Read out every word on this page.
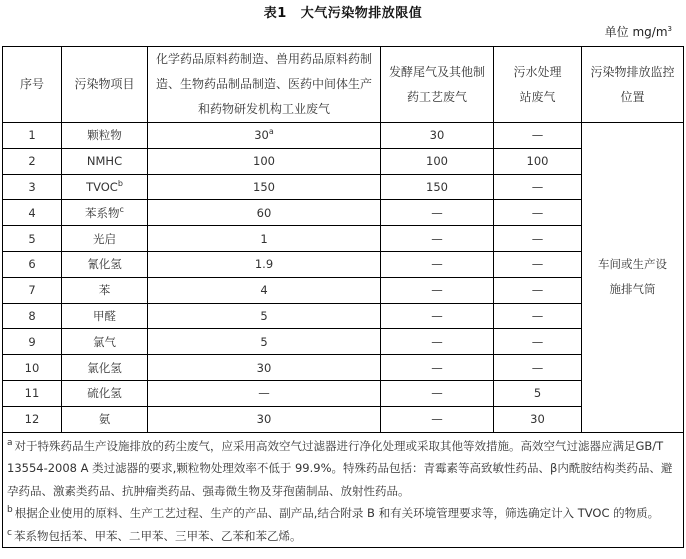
表1 大气污染物排放限值
单位 $mg/m^3$
序号	污染物项目	化学药品原料药制造、兽用药品原料药制造、生物药品制品制造、医药中间体生产和药物研发机构工业废气	发酵尾气及其他制药工艺废气	污水处理站废气	污染物排放监控位置
1	颗粒物	30$^a$	30	—	车间或生产设施排气筒
2	NMHC	100	100	100	
3	TVOC$^b$	150	150	—	
4	苯系物$^c$	60	—	—	
5	光启	1	—	—	
6	氰化氢	1.9	—	—	
7	苯	4	—	—	
8	甲醛	5	—	—	
9	氯气	5	—	—	
10	氯化氢	30	—	—	
11	硫化氢	—	—	5	
12	氨	30	—	30	

$^a$ 对于特殊药品生产设施排放的药尘废气，应采用高效空气过滤器进行净化处理或采取其他等效措施。高效空气过滤器应满足GB/T 13554-2008 A 类过滤器的要求,颗粒物处理效率不低于 99.9%。特殊药品包括：青霉素等高致敏性药品、β内酰胺结构类药品、避孕药品、激素类药品、抗肿瘤类药品、强毒微生物及芽孢菌制品、放射性药品。

$^b$ 根据企业使用的原料、生产工艺过程、生产的产品、副产品,结合附录 B 和有关环境管理要求等，筛选确定计入 TVOC 的物质。

$^c$ 苯系物包括苯、甲苯、二甲苯、三甲苯、乙苯和苯乙烯。					
